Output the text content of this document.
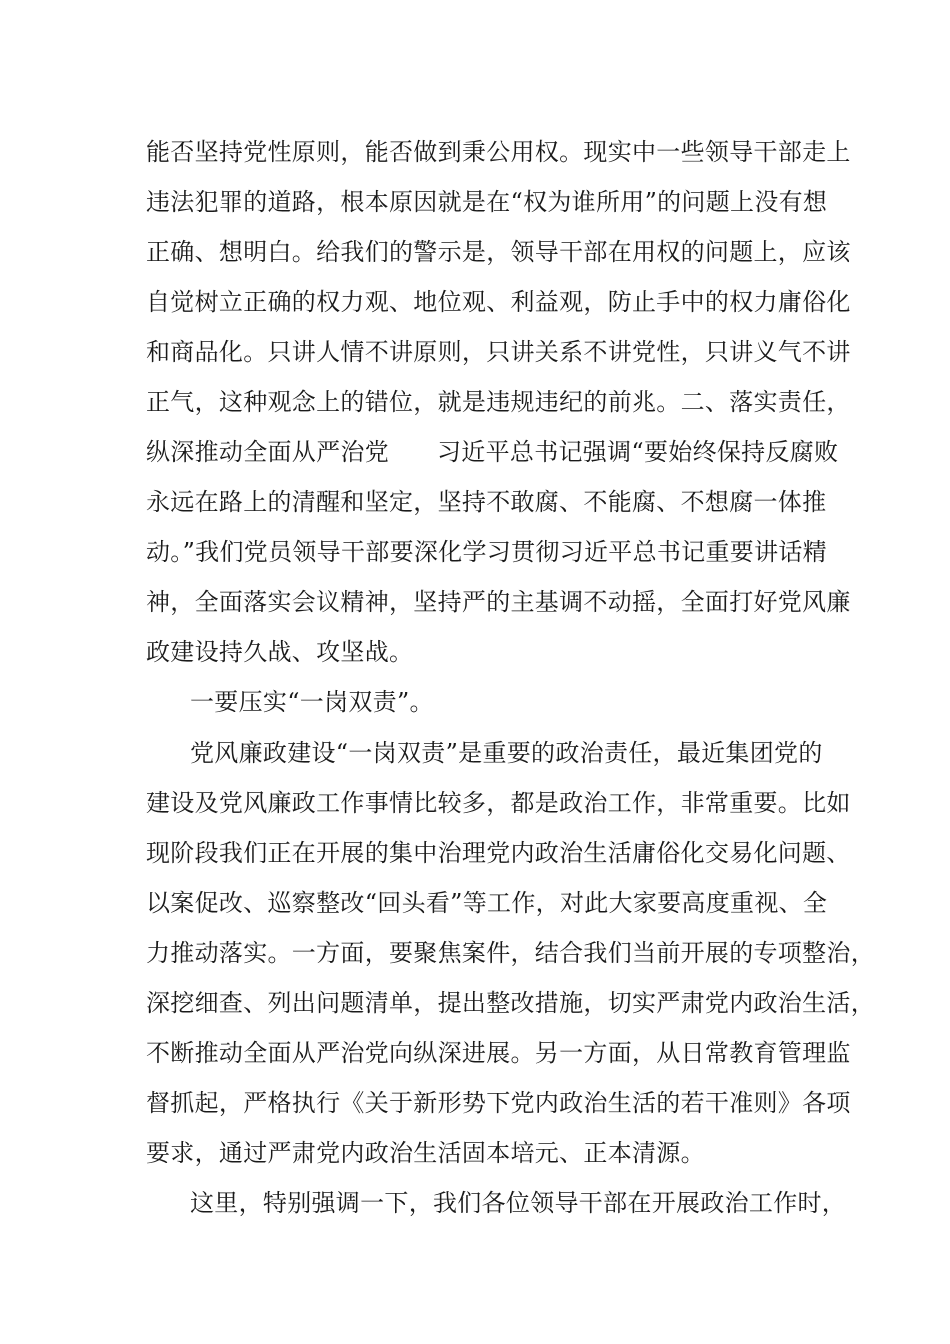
能否坚持党性原则，能否做到秉公用权。现实中一些领导干部走上
违法犯罪的道路，根本原因就是在“权为谁所用”的问题上没有想
正确、想明白。给我们的警示是，领导干部在用权的问题上，应该
自觉树立正确的权力观、地位观、利益观，防止手中的权力庸俗化
和商品化。只讲人情不讲原则，只讲关系不讲党性，只讲义气不讲
正气，这种观念上的错位，就是违规违纪的前兆。二、落实责任，
纵深推动全面从严治党 习近平总书记强调“要始终保持反腐败
永远在路上的清醒和坚定，坚持不敢腐、不能腐、不想腐一体推
动。”我们党员领导干部要深化学习贯彻习近平总书记重要讲话精
神，全面落实会议精神，坚持严的主基调不动摇，全面打好党风廉
政建设持久战、攻坚战。
一要压实“一岗双责”。
党风廉政建设“一岗双责”是重要的政治责任，最近集团党的
建设及党风廉政工作事情比较多，都是政治工作，非常重要。比如
现阶段我们正在开展的集中治理党内政治生活庸俗化交易化问题、
以案促改、巡察整改“回头看”等工作，对此大家要高度重视、全
力推动落实。一方面，要聚焦案件，结合我们当前开展的专项整治，
深挖细查、列出问题清单，提出整改措施，切实严肃党内政治生活，
不断推动全面从严治党向纵深进展。另一方面，从日常教育管理监
督抓起，严格执行《关于新形势下党内政治生活的若干准则》各项
要求，通过严肃党内政治生活固本培元、正本清源。
这里，特别强调一下，我们各位领导干部在开展政治工作时，
